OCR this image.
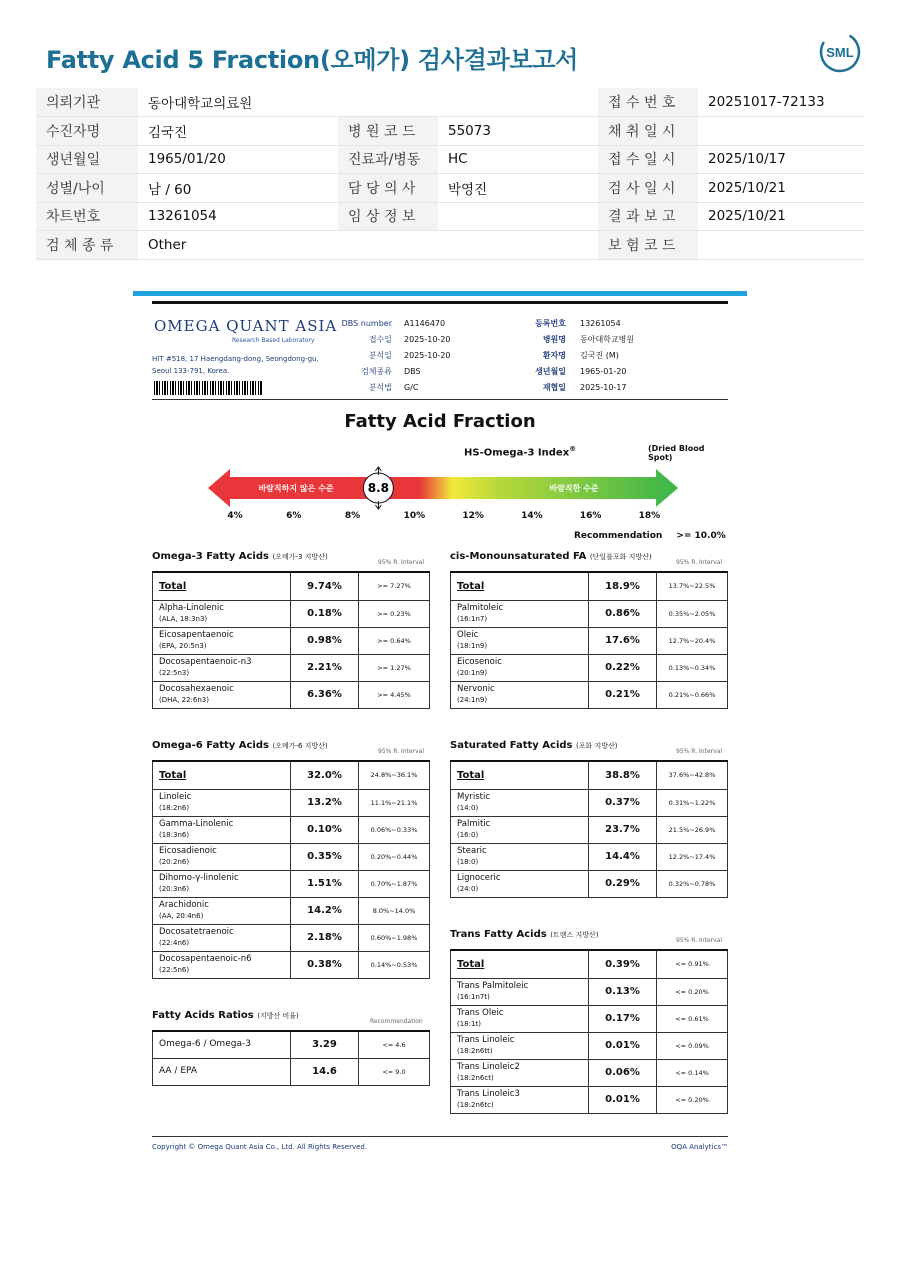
Fatty Acid 5 Fraction(오메가) 검사결과보고서	SML
의뢰기관	동아대학교의료원			접 수 번 호	20251017-72133
수진자명	김국진	병 원 코 드	55073	채 취 일 시	
생년월일	1965/01/20	진료과/병동	HC	접 수 일 시	2025/10/17
성별/나이	남 / 60	담 당 의 사	박영진	검 사 일 시	2025/10/21
차트번호	13261054	임 상 정 보		결 과 보 고	2025/10/21
검 체 종 류	Other			보 험 코 드	
OMEGA QUANT ASIA
Research Based Laboratory
HIT #518, 17 Haengdang-dong, Seongdong-gu, Seoul 133-791, Korea.
DBS number A1146470
접수일 2025-10-20
분석일 2025-10-20
검체종류 DBS
분석법 G/C
등록번호 13261054
병원명 동아대학교병원
환자명 김국진 (M)
생년월일 1965-01-20
재협일 2025-10-17
Fatty Acid Fraction
HS-Omega-3 Index®	(Dried Blood Spot)
바람직하지 않은 수준	바람직한 수준
8.8
4%	6%	8%	10%	12%	14%	16%	18%
Recommendation >= 10.0%
Omega-3 Fatty Acids (오메가-3 지방산)
95% R. Interval
Total	9.74%	>= 7.27%

Alpha-Linolenic
(ALA, 18:3n3)	0.18%	>= 0.23%

Eicosapentaenoic
(EPA, 20:5n3)	0.98%	>= 0.64%

Docosapentaenoic-n3
(22:5n3)	2.21%	>= 1.27%

Docosahexaenoic
(DHA, 22:6n3)	6.36%	>= 4.45%
cis-Monounsaturated FA (단일불포화 지방산)
95% R. Interval
Total	18.9%	13.7%~22.5%

Palmitoleic
(16:1n7)	0.86%	0.35%~2.05%

Oleic
(18:1n9)	17.6%	12.7%~20.4%

Eicosenoic
(20:1n9)	0.22%	0.13%~0.34%

Nervonic
(24:1n9)	0.21%	0.21%~0.66%
Omega-6 Fatty Acids (오메가-6 지방산)
95% R. Interval
Total	32.0%	24.8%~36.1%

Linoleic
(18:2n6)	13.2%	11.1%~21.1%

Gamma-Linolenic
(18:3n6)	0.10%	0.06%~0.33%

Eicosadienoic
(20:2n6)	0.35%	0.20%~0.44%

Dihomo-γ-linolenic
(20:3n6)	1.51%	0.70%~1.87%

Arachidonic
(AA, 20:4n6)	14.2%	8.0%~14.0%

Docosatetraenoic
(22:4n6)	2.18%	0.60%~1.98%

Docosapentaenoic-n6
(22:5n6)	0.38%	0.14%~0.53%
Saturated Fatty Acids (포화 지방산)
95% R. Interval
Total	38.8%	37.6%~42.8%

Myristic
(14:0)	0.37%	0.31%~1.22%

Palmitic
(16:0)	23.7%	21.5%~26.9%

Stearic
(18:0)	14.4%	12.2%~17.4%

Lignoceric
(24:0)	0.29%	0.32%~0.78%
Trans Fatty Acids (트랜스 지방산)
95% R. Interval
Total	0.39%	<= 0.91%

Trans Palmitoleic
(16:1n7t)	0.13%	<= 0.20%

Trans Oleic
(18:1t)	0.17%	<= 0.61%

Trans Linoleic
(18:2n6tt)	0.01%	<= 0.09%

Trans Linoleic2
(18:2n6ct)	0.06%	<= 0.14%

Trans Linoleic3
(18:2n6tc)	0.01%	<= 0.20%
Fatty Acids Ratios (지방산 비율)
Recommendation
Omega-6 / Omega-3	3.29	<= 4.6

AA / EPA	14.6	<= 9.0
Copyright © Omega Quant Asia Co., Ltd. All Rights Reserved.	OQA Analytics™
